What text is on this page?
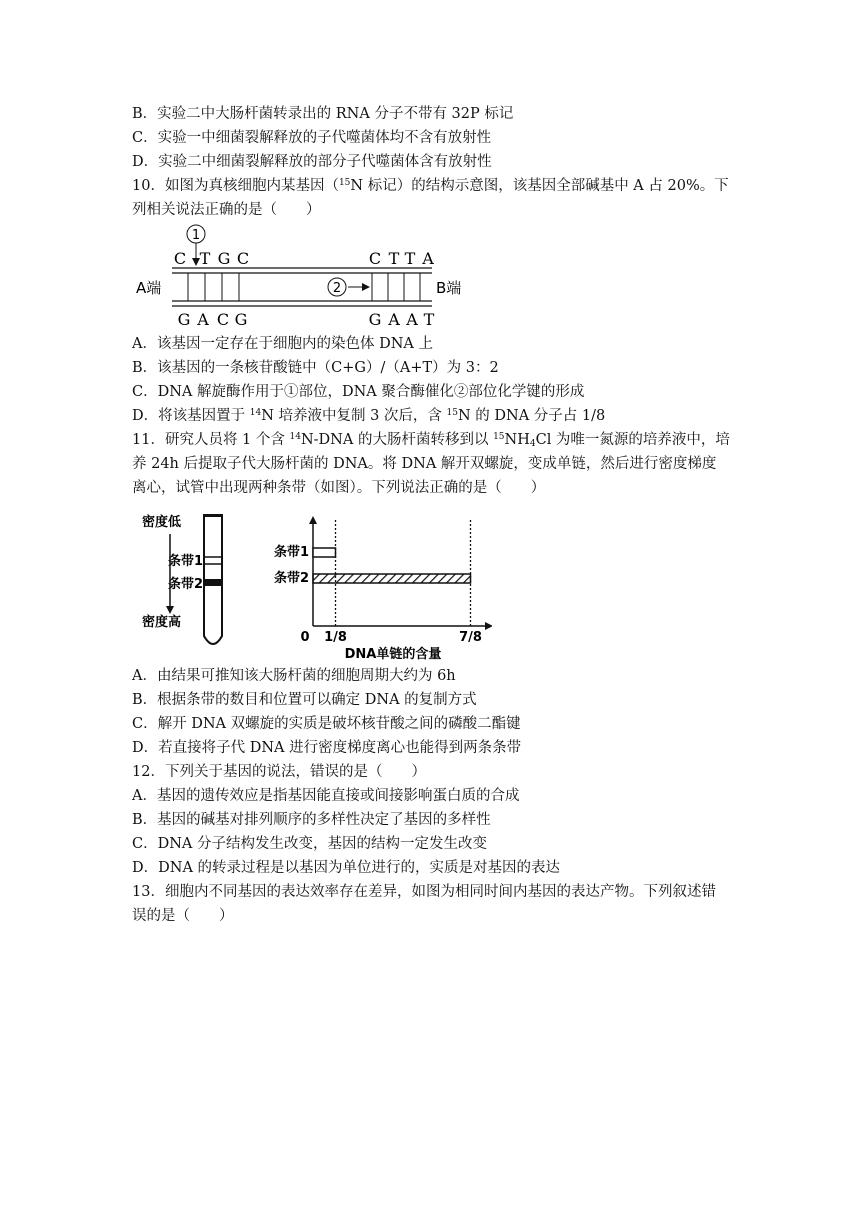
B．实验二中大肠杆菌转录出的 RNA 分子不带有 32P 标记
C．实验一中细菌裂解释放的子代噬菌体均不含有放射性
D．实验二中细菌裂解释放的部分子代噬菌体含有放射性
10．如图为真核细胞内某基因（$^{15}$N 标记）的结构示意图，该基因全部碱基中 A 占 20%。下
列相关说法正确的是（　　）
1
C T G C	C T T A
A端	B端
2
G A C G	G A A T
A．该基因一定存在于细胞内的染色体 DNA 上
B．该基因的一条核苷酸链中（C+G）/（A+T）为 3：2
C．DNA 解旋酶作用于①部位，DNA 聚合酶催化②部位化学键的形成
D．将该基因置于 $^{14}$N 培养液中复制 3 次后，含 $^{15}$N 的 DNA 分子占 1/8
11．研究人员将 1 个含 $^{14}$N-DNA 的大肠杆菌转移到以 $^{15}NH_4Cl$ 为唯一氮源的培养液中，培
养 24h 后提取子代大肠杆菌的 DNA。将 DNA 解开双螺旋，变成单链，然后进行密度梯度
离心，试管中出现两种条带（如图）。下列说法正确的是（　　）
密度低
条带1
条带2
密度高
条带1
条带2
0 1/8	7/8
DNA单链的含量
A．由结果可推知该大肠杆菌的细胞周期大约为 6h
B．根据条带的数目和位置可以确定 DNA 的复制方式
C．解开 DNA 双螺旋的实质是破坏核苷酸之间的磷酸二酯键
D．若直接将子代 DNA 进行密度梯度离心也能得到两条条带
12．下列关于基因的说法，错误的是（　　）
A．基因的遗传效应是指基因能直接或间接影响蛋白质的合成
B．基因的碱基对排列顺序的多样性决定了基因的多样性
C．DNA 分子结构发生改变，基因的结构一定发生改变
D．DNA 的转录过程是以基因为单位进行的，实质是对基因的表达
13．细胞内不同基因的表达效率存在差异，如图为相同时间内基因的表达产物。下列叙述错
误的是（　　）
